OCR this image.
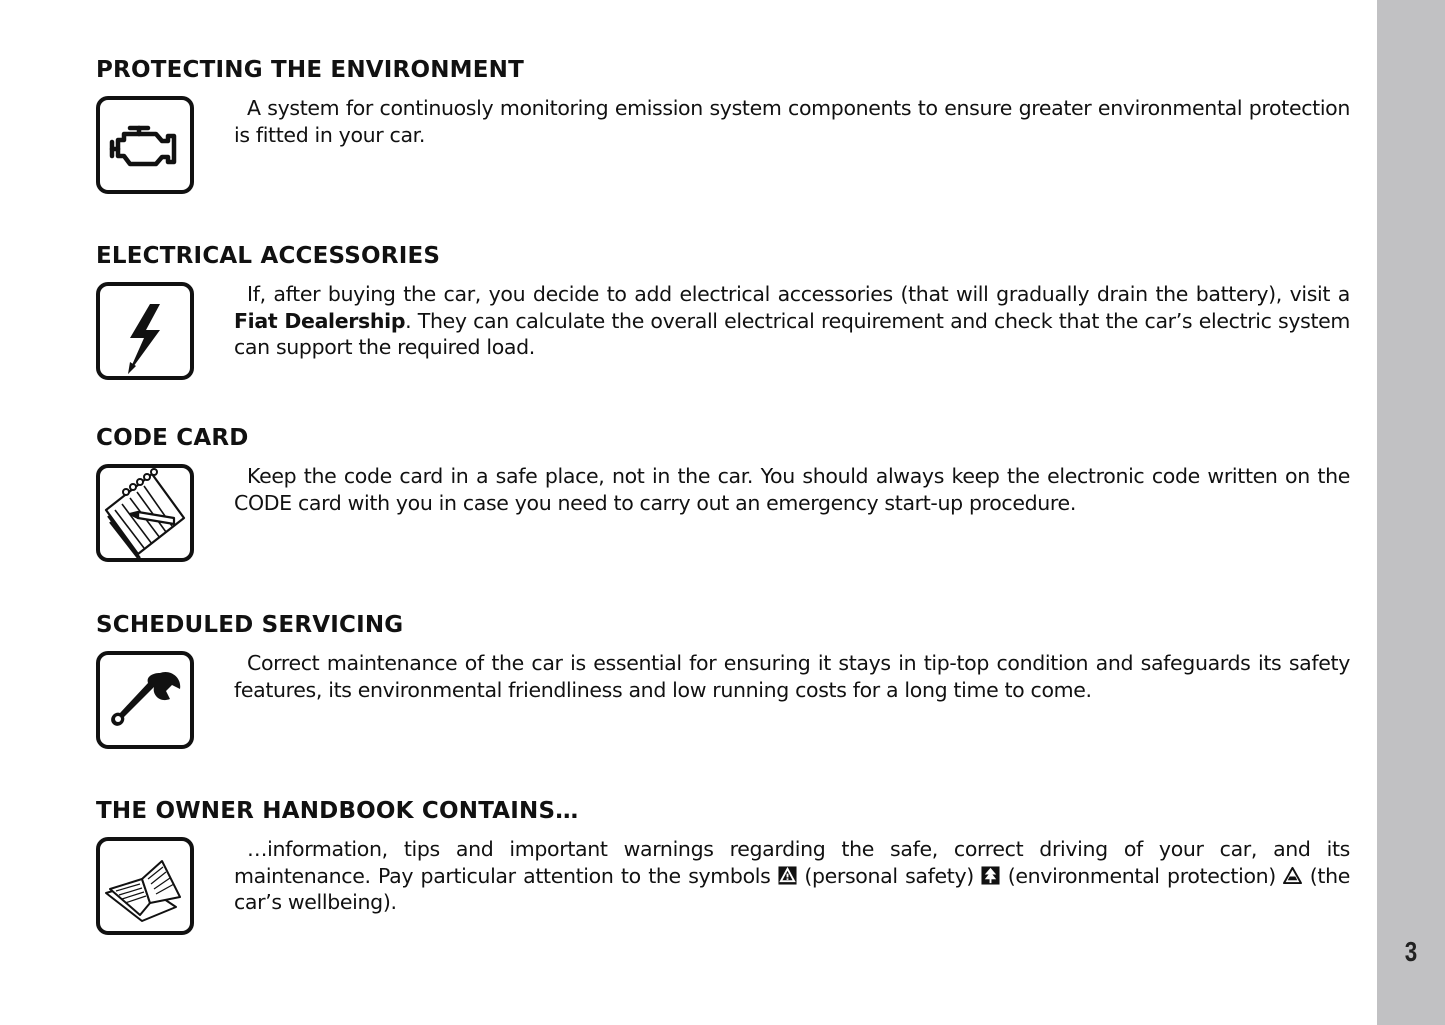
PROTECTING THE ENVIRONMENT

A system for continuosly monitoring emission system components to ensure greater environmental protection is fitted in your car.

ELECTRICAL ACCESSORIES

If, after buying the car, you decide to add electrical accessories (that will gradually drain the battery), visit a Fiat Dealership. They can calculate the overall electrical requirement and check that the car’s electric system can support the required load.

CODE CARD

Keep the code card in a safe place, not in the car. You should always keep the electronic code written on the CODE card with you in case you need to carry out an emergency start-up procedure.

SCHEDULED SERVICING

Correct maintenance of the car is essential for ensuring it stays in tip-top condition and safeguards its safety features, its environmental friendliness and low running costs for a long time to come.

THE OWNER HANDBOOK CONTAINS…

…information, tips and important warnings regarding the safe, correct driving of your car, and its maintenance. Pay particular attention to the symbols (personal safety) (environmental protection) (the car’s wellbeing).

3
